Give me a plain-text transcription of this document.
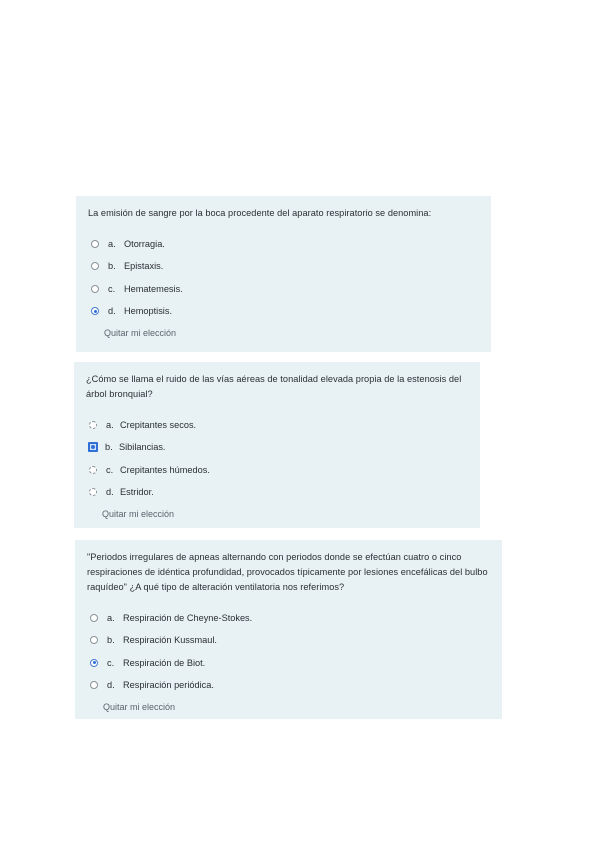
La emisión de sangre por la boca procedente del aparato respiratorio se denomina:

a. Otorragia.
b. Epistaxis.
c. Hematemesis.
d. Hemoptisis.
Quitar mi elección

¿Cómo se llama el ruido de las vías aéreas de tonalidad elevada propia de la estenosis del árbol bronquial?

a. Crepitantes secos.
b. Sibilancias.
c. Crepitantes húmedos.
d. Estridor.
Quitar mi elección

"Periodos irregulares de apneas alternando con periodos donde se efectúan cuatro o cinco respiraciones de idéntica profundidad, provocados típicamente por lesiones encefálicas del bulbo raquídeo" ¿A qué tipo de alteración ventilatoria nos referimos?

a. Respiración de Cheyne-Stokes.
b. Respiración Kussmaul.
c. Respiración de Biot.
d. Respiración periódica.
Quitar mi elección
